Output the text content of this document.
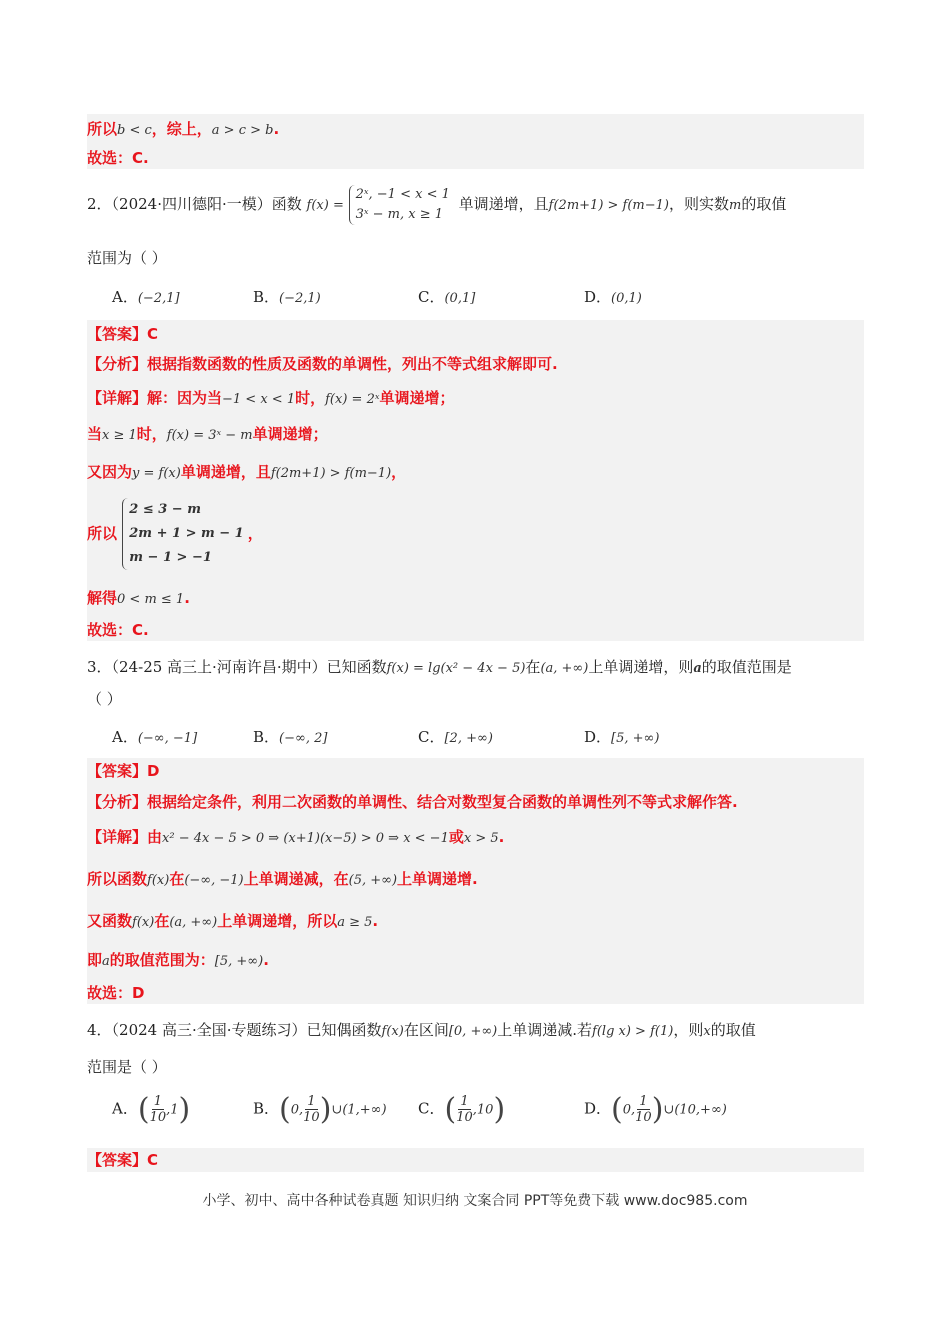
所以b < c，综上，a > c > b.
故选：C.
2．（2024·四川德阳·一模）函数 f(x) = 2ˣ, −1 < x < 1
3ˣ − m, x ≥ 1 单调递增，且f(2m+1) > f(m−1)，则实数m的取值
范围为（ ）
A．(−2,1]	B．(−2,1)	C．(0,1]	D．(0,1)
【答案】C
【分析】根据指数函数的性质及函数的单调性，列出不等式组求解即可.
【详解】解：因为当−1 < x < 1时，f(x) = 2ˣ单调递增；
当x ≥ 1时，f(x) = 3ˣ − m单调递增；
又因为y = f(x)单调递增，且f(2m+1) > f(m−1)，
所以 2 ≤ 3 − m
2m + 1 > m − 1
m − 1 > −1，
解得0 < m ≤ 1.
故选：C.
3．（24-25 高三上·河南许昌·期中）已知函数f(x) = lg(x² − 4x − 5)在(a, +∞)上单调递增，则a的取值范围是
（ ）
A．(−∞, −1]	B．(−∞, 2]	C．[2, +∞)	D．[5, +∞)
【答案】D
【分析】根据给定条件，利用二次函数的单调性、结合对数型复合函数的单调性列不等式求解作答.
【详解】由x² − 4x − 5 > 0 ⇒ (x+1)(x−5) > 0 ⇒ x < −1或x > 5.
所以函数f(x)在(−∞, −1)上单调递减，在(5, +∞)上单调递增.
又函数f(x)在(a, +∞)上单调递增，所以a ≥ 5.
即a的取值范围为：[5, +∞).
故选：D
4．（2024 高三·全国·专题练习）已知偶函数f(x)在区间[0, +∞)上单调递减.若f(lg x) > f(1)，则x的取值
范围是（ ）
A．( $\frac{1}{10} ,1$)	B．(0, $\frac{1}{10}$ )∪(1,+∞) C．( $\frac{1}{10} ,10$)	D．(0, $\frac{1}{10}$ )∪(10,+∞)
【答案】C
小学、初中、高中各种试卷真题 知识归纳 文案合同 PPT等免费下载 www.doc985.com
